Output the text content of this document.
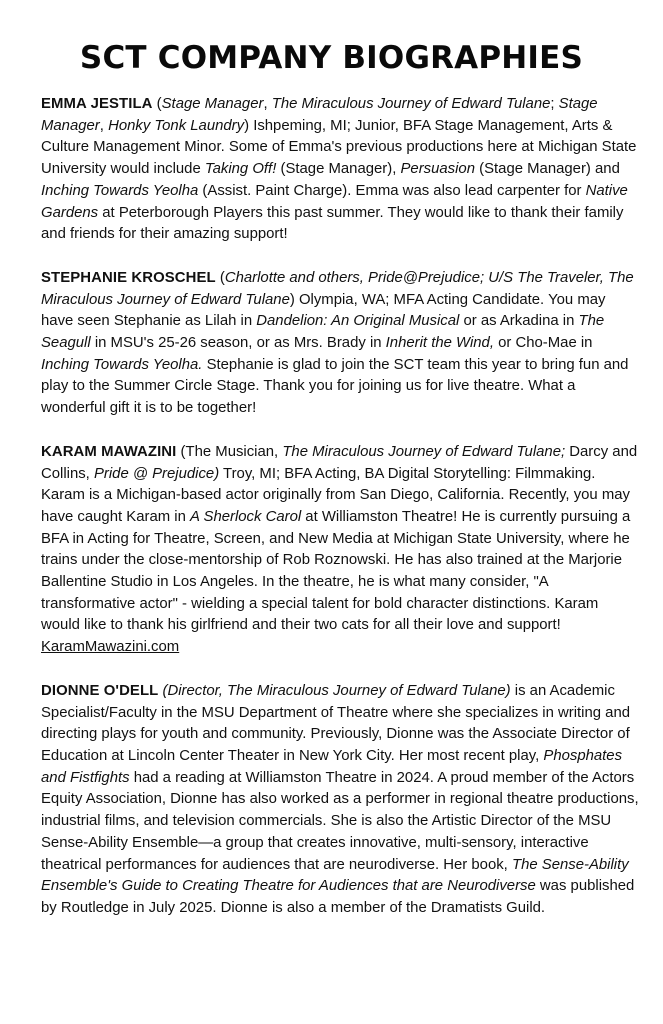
SCT COMPANY BIOGRAPHIES

EMMA JESTILA (Stage Manager, The Miraculous Journey of Edward Tulane; Stage Manager, Honky Tonk Laundry) Ishpeming, MI; Junior, BFA Stage Management, Arts & Culture Management Minor. Some of Emma's previous productions here at Michigan State University would include Taking Off! (Stage Manager), Persuasion (Stage Manager) and Inching Towards Yeolha (Assist. Paint Charge). Emma was also lead carpenter for Native Gardens at Peterborough Players this past summer. They would like to thank their family and friends for their amazing support!

STEPHANIE KROSCHEL (Charlotte and others, Pride@Prejudice; U/S The Traveler, The Miraculous Journey of Edward Tulane) Olympia, WA; MFA Acting Candidate. You may have seen Stephanie as Lilah in Dandelion: An Original Musical or as Arkadina in The Seagull in MSU's 25-26 season, or as Mrs. Brady in Inherit the Wind, or Cho-Mae in Inching Towards Yeolha. Stephanie is glad to join the SCT team this year to bring fun and play to the Summer Circle Stage. Thank you for joining us for live theatre. What a wonderful gift it is to be together!

KARAM MAWAZINI (The Musician, The Miraculous Journey of Edward Tulane; Darcy and Collins, Pride @ Prejudice) Troy, MI; BFA Acting, BA Digital Storytelling: Filmmaking. Karam is a Michigan-based actor originally from San Diego, California. Recently, you may have caught Karam in A Sherlock Carol at Williamston Theatre! He is currently pursuing a BFA in Acting for Theatre, Screen, and New Media at Michigan State University, where he trains under the close-mentorship of Rob Roznowski. He has also trained at the Marjorie Ballentine Studio in Los Angeles. In the theatre, he is what many consider, "A transformative actor" - wielding a special talent for bold character distinctions. Karam would like to thank his girlfriend and their two cats for all their love and support! KaramMawazini.com

DIONNE O'DELL (Director, The Miraculous Journey of Edward Tulane) is an Academic Specialist/Faculty in the MSU Department of Theatre where she specializes in writing and directing plays for youth and community. Previously, Dionne was the Associate Director of Education at Lincoln Center Theater in New York City. Her most recent play, Phosphates and Fistfights had a reading at Williamston Theatre in 2024. A proud member of the Actors Equity Association, Dionne has also worked as a performer in regional theatre productions, industrial films, and television commercials. She is also the Artistic Director of the MSU Sense-Ability Ensemble—a group that creates innovative, multi-sensory, interactive theatrical performances for audiences that are neurodiverse. Her book, The Sense-Ability Ensemble's Guide to Creating Theatre for Audiences that are Neurodiverse was published by Routledge in July 2025. Dionne is also a member of the Dramatists Guild.
